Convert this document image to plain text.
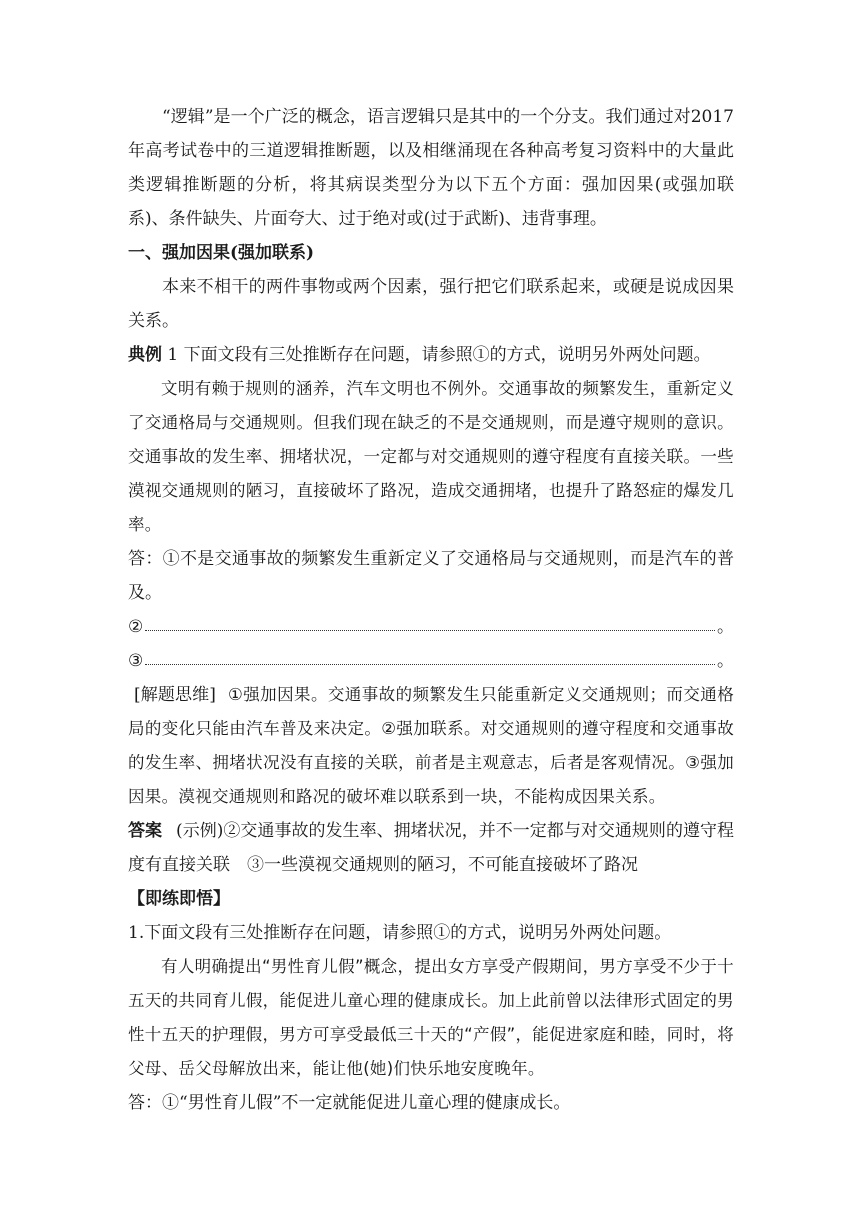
“逻辑”是一个广泛的概念，语言逻辑只是其中的一个分支。我们通过对2017年高考试卷中的三道逻辑推断题，以及相继涌现在各种高考复习资料中的大量此类逻辑推断题的分析，将其病误类型分为以下五个方面：强加因果(或强加联系)、条件缺失、片面夸大、过于绝对或(过于武断)、违背事理。

一、强加因果(强加联系)

本来不相干的两件事物或两个因素，强行把它们联系起来，或硬是说成因果关系。

典例 1 下面文段有三处推断存在问题，请参照①的方式，说明另外两处问题。

文明有赖于规则的涵养，汽车文明也不例外。交通事故的频繁发生，重新定义了交通格局与交通规则。但我们现在缺乏的不是交通规则，而是遵守规则的意识。交通事故的发生率、拥堵状况，一定都与对交通规则的遵守程度有直接关联。一些漠视交通规则的陋习，直接破坏了路况，造成交通拥堵，也提升了路怒症的爆发几率。

答：①不是交通事故的频繁发生重新定义了交通格局与交通规则，而是汽车的普及。

②	。
③	。

[解题思维] ①强加因果。交通事故的频繁发生只能重新定义交通规则；而交通格局的变化只能由汽车普及来决定。②强加联系。对交通规则的遵守程度和交通事故的发生率、拥堵状况没有直接的关联，前者是主观意志，后者是客观情况。③强加因果。漠视交通规则和路况的破坏难以联系到一块，不能构成因果关系。

答案 (示例)②交通事故的发生率、拥堵状况，并不一定都与对交通规则的遵守程度有直接关联　③一些漠视交通规则的陋习，不可能直接破坏了路况

【即练即悟】

1.下面文段有三处推断存在问题，请参照①的方式，说明另外两处问题。

有人明确提出“男性育儿假”概念，提出女方享受产假期间，男方享受不少于十五天的共同育儿假，能促进儿童心理的健康成长。加上此前曾以法律形式固定的男性十五天的护理假，男方可享受最低三十天的“产假”，能促进家庭和睦，同时，将父母、岳父母解放出来，能让他(她)们快乐地安度晚年。

答：①“男性育儿假”不一定就能促进儿童心理的健康成长。
